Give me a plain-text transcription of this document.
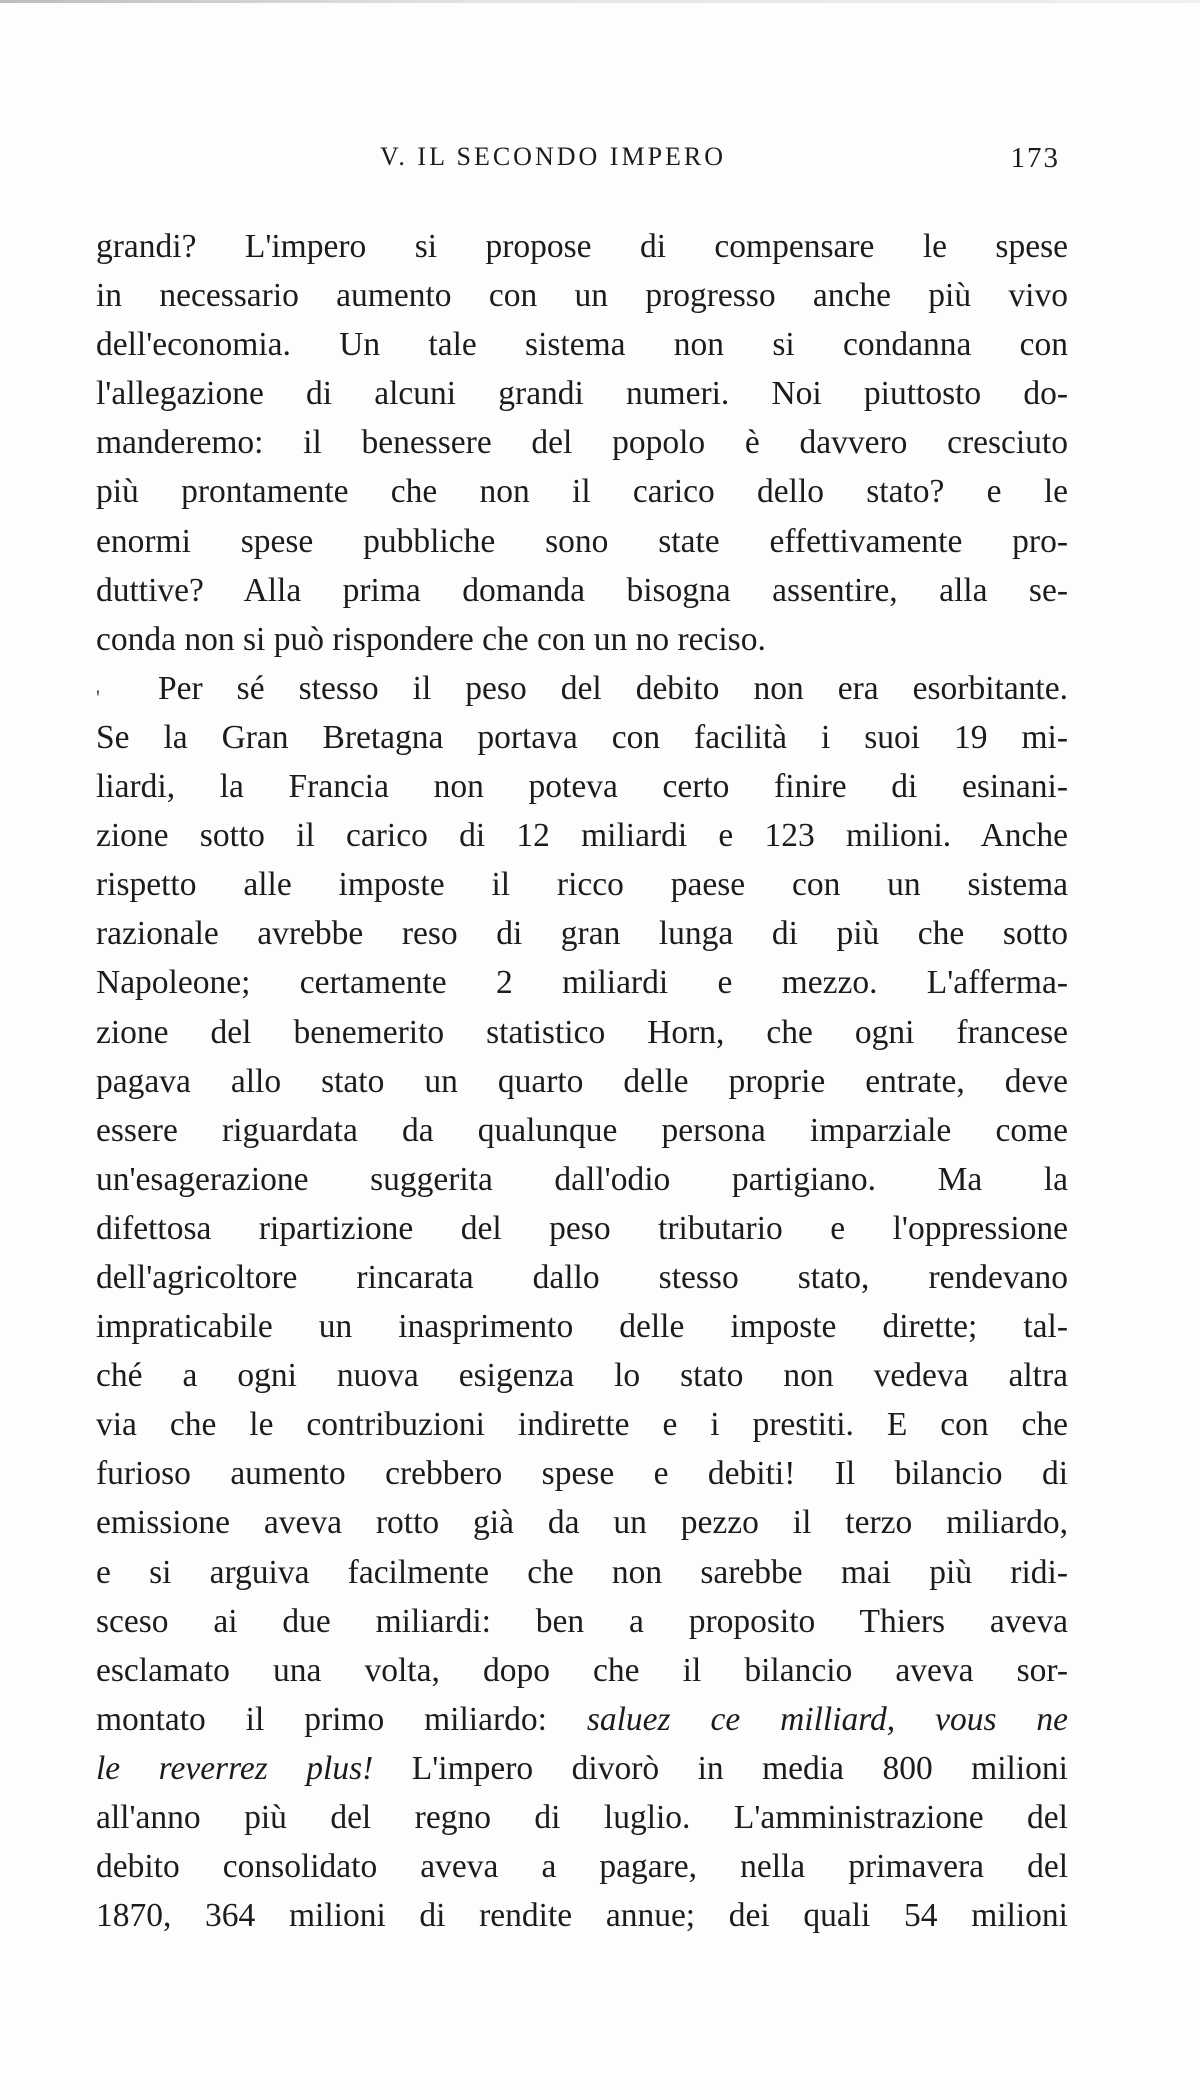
V. IL SECONDO IMPERO	173
'
grandi? L'impero si propose di compensare le spese
in necessario aumento con un progresso anche più vivo
dell'economia. Un tale sistema non si condanna con
l'allegazione di alcuni grandi numeri. Noi piuttosto do-
manderemo: il benessere del popolo è davvero cresciuto
più prontamente che non il carico dello stato? e le
enormi spese pubbliche sono state effettivamente pro-
duttive? Alla prima domanda bisogna assentire, alla se-
conda non si può rispondere che con un no reciso.
Per sé stesso il peso del debito non era esorbitante.
Se la Gran Bretagna portava con facilità i suoi 19 mi-
liardi, la Francia non poteva certo finire di esinani-
zione sotto il carico di 12 miliardi e 123 milioni. Anche
rispetto alle imposte il ricco paese con un sistema
razionale avrebbe reso di gran lunga di più che sotto
Napoleone; certamente 2 miliardi e mezzo. L'afferma-
zione del benemerito statistico Horn, che ogni francese
pagava allo stato un quarto delle proprie entrate, deve
essere riguardata da qualunque persona imparziale come
un'esagerazione suggerita dall'odio partigiano. Ma la
difettosa ripartizione del peso tributario e l'oppressione
dell'agricoltore rincarata dallo stesso stato, rendevano
impraticabile un inasprimento delle imposte dirette; tal-
ché a ogni nuova esigenza lo stato non vedeva altra
via che le contribuzioni indirette e i prestiti. E con che
furioso aumento crebbero spese e debiti! Il bilancio di
emissione aveva rotto già da un pezzo il terzo miliardo,
e si arguiva facilmente che non sarebbe mai più ridi-
sceso ai due miliardi: ben a proposito Thiers aveva
esclamato una volta, dopo che il bilancio aveva sor-
montato il primo miliardo: saluez ce milliard, vous ne
le reverrez plus! L'impero divorò in media 800 milioni
all'anno più del regno di luglio. L'amministrazione del
debito consolidato aveva a pagare, nella primavera del
1870, 364 milioni di rendite annue; dei quali 54 milioni
